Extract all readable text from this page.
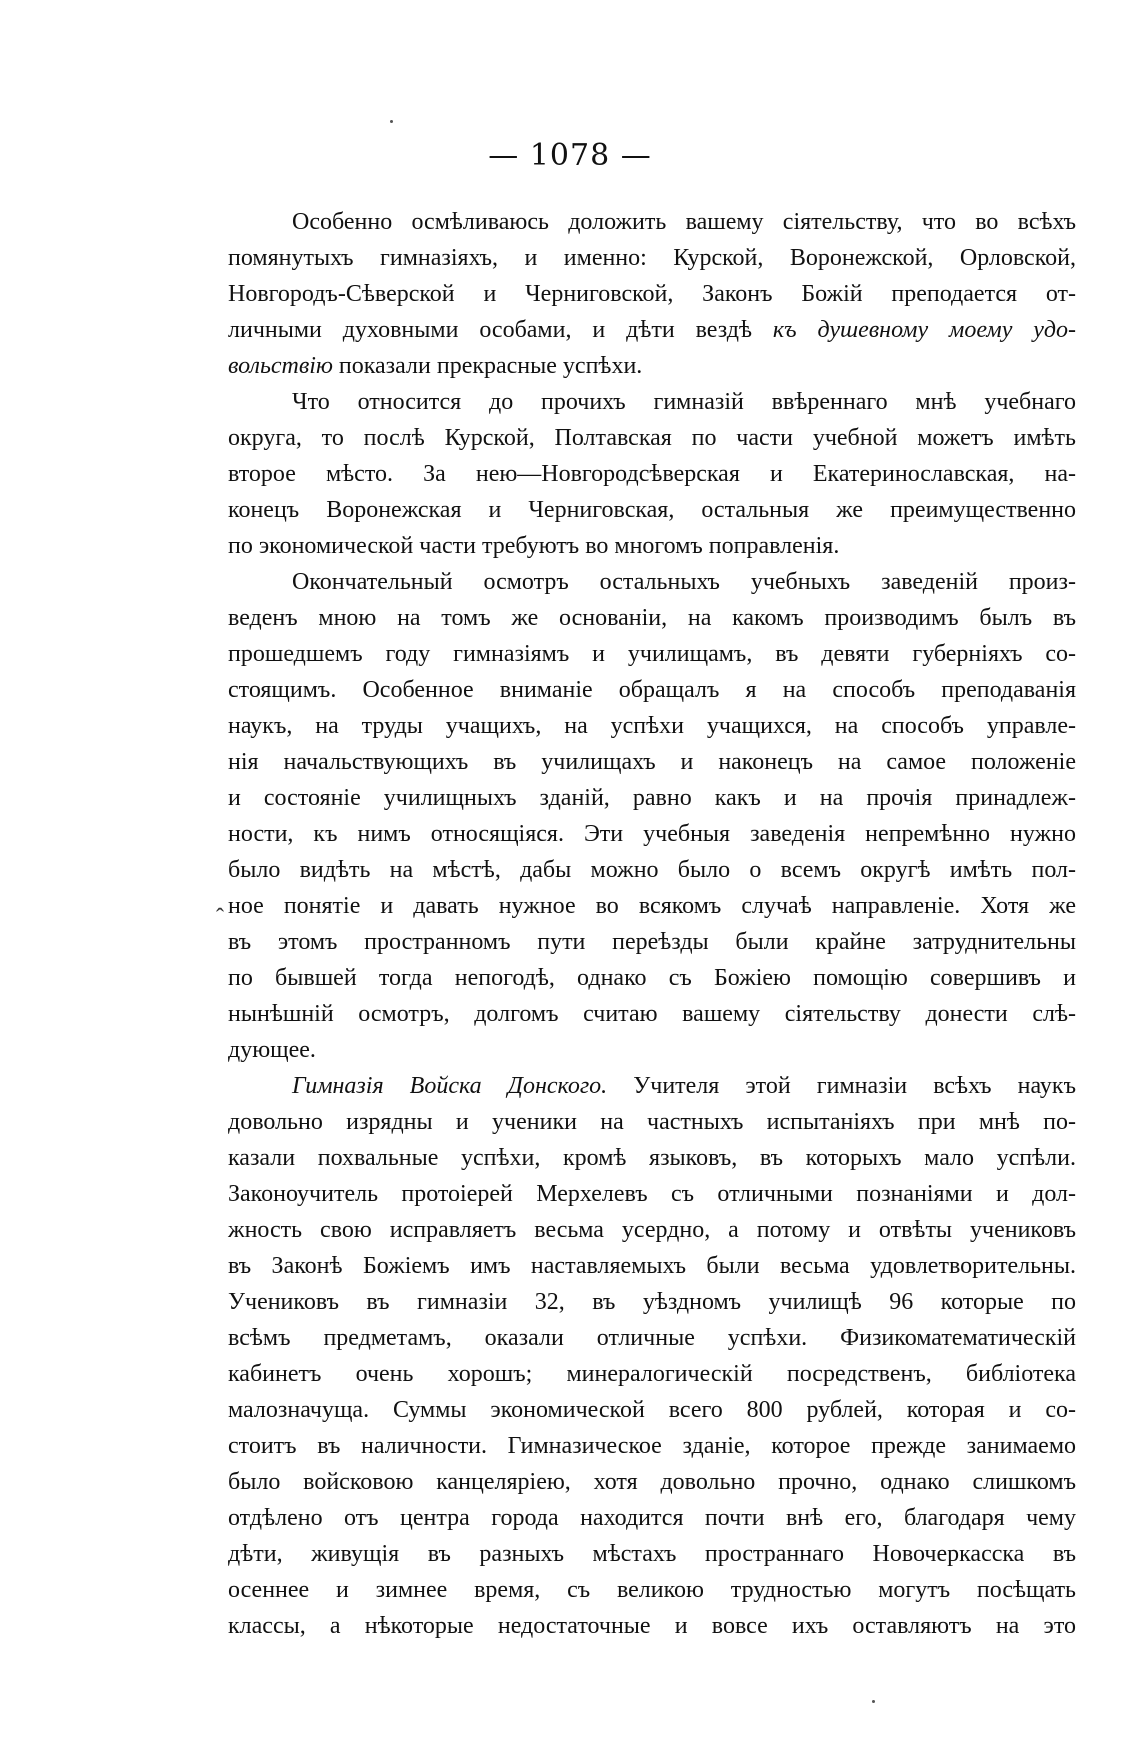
— 1078 —

Особенно осмѣливаюсь доложить вашему сіятельству, что во всѣхъ
помянутыхъ гимназіяхъ, и именно: Курской, Воронежской, Орловской,
Новгородъ-Сѣверской и Черниговской, Законъ Божій преподается от-
личными духовными особами, и дѣти вездѣ къ душевному моему удо-
вольствію показали прекрасные успѣхи.

Что относится до прочихъ гимназій ввѣреннаго мнѣ учебнаго
округа, то послѣ Курской, Полтавская по части учебной можетъ имѣть
второе мѣсто. За нею—Новгородсѣверская и Екатеринославская, на-
конецъ Воронежская и Черниговская, остальныя же преимущественно
по экономической части требуютъ во многомъ поправленія.

Окончательный осмотръ остальныхъ учебныхъ заведеній произ-
веденъ мною на томъ же основаніи, на какомъ производимъ былъ въ
прошедшемъ году гимназіямъ и училищамъ, въ девяти губерніяхъ со-
стоящимъ. Особенное вниманіе обращалъ я на способъ преподаванія
наукъ, на труды учащихъ, на успѣхи учащихся, на способъ управле-
нія начальствующихъ въ училищахъ и наконецъ на самое положеніе
и состояніе училищныхъ зданій, равно какъ и на прочія принадлеж-
ности, къ нимъ относящіяся. Эти учебныя заведенія непремѣнно нужно
было видѣть на мѣстѣ, дабы можно было о всемъ округѣ имѣть пол-
ное понятіе и давать нужное во всякомъ случаѣ направленіе. Хотя же
въ этомъ пространномъ пути переѣзды были крайне затруднительны
по бывшей тогда непогодѣ, однако съ Божіею помощію совершивъ и
нынѣшній осмотръ, долгомъ считаю вашему сіятельству донести слѣ-
дующее.

Гимназія Войска Донского. Учителя этой гимназіи всѣхъ наукъ
довольно изрядны и ученики на частныхъ испытаніяхъ при мнѣ по-
казали похвальные успѣхи, кромѣ языковъ, въ которыхъ мало успѣли.
Законоучитель протоіерей Мерхелевъ съ отличными познаніями и дол-
жность свою исправляетъ весьма усердно, а потому и отвѣты учениковъ
въ Законѣ Божіемъ имъ наставляемыхъ были весьма удовлетворительны.
Учениковъ въ гимназіи 32, въ уѣздномъ училищѣ 96 которые по
всѣмъ предметамъ, оказали отличные успѣхи. Физикоматематическій
кабинетъ очень хорошъ; минералогическій посредственъ, библіотека
малозначуща. Суммы экономической всего 800 рублей, которая и со-
стоитъ въ наличности. Гимназическое зданіе, которое прежде занимаемо
было войсковою канцеляріею, хотя довольно прочно, однако слишкомъ
отдѣлено отъ центра города находится почти внѣ его, благодаря чему
дѣти, живущія въ разныхъ мѣстахъ пространнаго Новочеркасска въ
осеннее и зимнее время, съ великою трудностью могутъ посѣщать
классы, а нѣкоторые недостаточные и вовсе ихъ оставляютъ на это

ˆ
